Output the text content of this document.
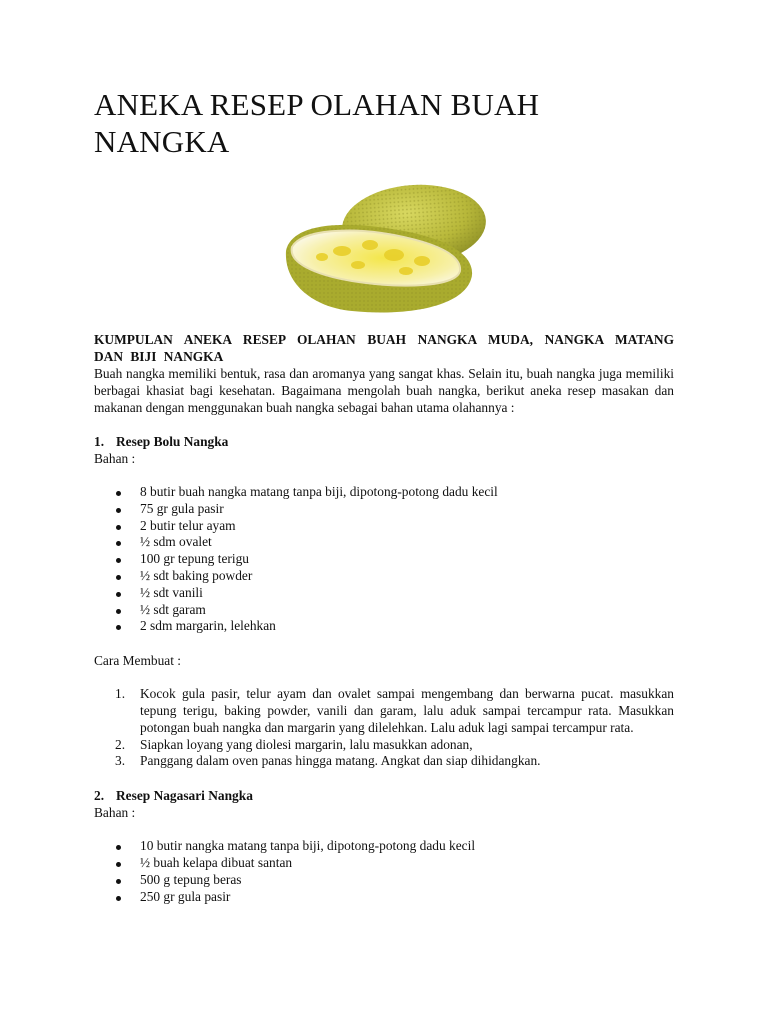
ANEKA RESEP OLAHAN BUAH NANGKA
KUMPULAN ANEKA RESEP OLAHAN BUAH NANGKA MUDA, NANGKA MATANG DAN BIJI NANGKA

Buah nangka memiliki bentuk, rasa dan aromanya yang sangat khas. Selain itu, buah nangka juga memiliki berbagai khasiat bagi kesehatan. Bagaimana mengolah buah nangka, berikut aneka resep masakan dan makanan dengan menggunakan buah nangka sebagai bahan utama olahannya :

1. Resep Bolu Nangka
Bahan :
8 butir buah nangka matang tanpa biji, dipotong-potong dadu kecil
75 gr gula pasir
2 butir telur ayam
½ sdm ovalet
100 gr tepung terigu
½ sdt baking powder
½ sdt vanili
½ sdt garam
2 sdm margarin, lelehkan
Cara Membuat :
1. Kocok gula pasir, telur ayam dan ovalet sampai mengembang dan berwarna pucat. masukkan tepung terigu, baking powder, vanili dan garam, lalu aduk sampai tercampur rata. Masukkan potongan buah nangka dan margarin yang dilelehkan. Lalu aduk lagi sampai tercampur rata.
2. Siapkan loyang yang diolesi margarin, lalu masukkan adonan,
3. Panggang dalam oven panas hingga matang. Angkat dan siap dihidangkan.
2. Resep Nagasari Nangka
Bahan :
10 butir nangka matang tanpa biji, dipotong-potong dadu kecil
½ buah kelapa dibuat santan
500 g tepung beras
250 gr gula pasir
